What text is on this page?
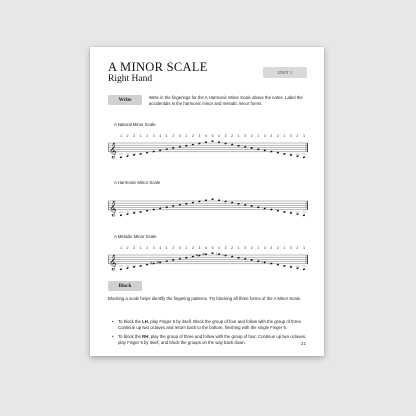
A MINOR SCALE
Right Hand
UNIT 1
Write	Write in the fingerings for the A Harmonic Minor Scale above the notes. Label the accidentals in the harmonic minor and melodic minor forms.
A Natural Minor Scale
𝄞
1 2 3 1 2 3 4 1 2 3 1 2 3 4 5 4 3 2 1 3 2 1 4 3 2 1 3 2 1
A Harmonic Minor Scale
𝄞
A Melodic Minor Scale
𝄞
1 2 3 1 2 3
#
4
#
1 2 3 1 2 3
#
4
#
5 4
♮
3
♮
2 1 3 2 1 4
♮
3
♮
2 1 3 2 1
Block

Blocking a scale helps identify the fingering patterns. Try blocking all three forms of the A Minor Scale.

• To block the LH, play Finger 5 by itself. Block the group of four and follow with the group of three. Continue up two octaves and return back to the bottom, finishing with the single Finger 5.
• To block the RH, play the group of three and follow with the group of four. Continue up two octaves, play Finger 5 by itself, and block the groups on the way back down.	21
